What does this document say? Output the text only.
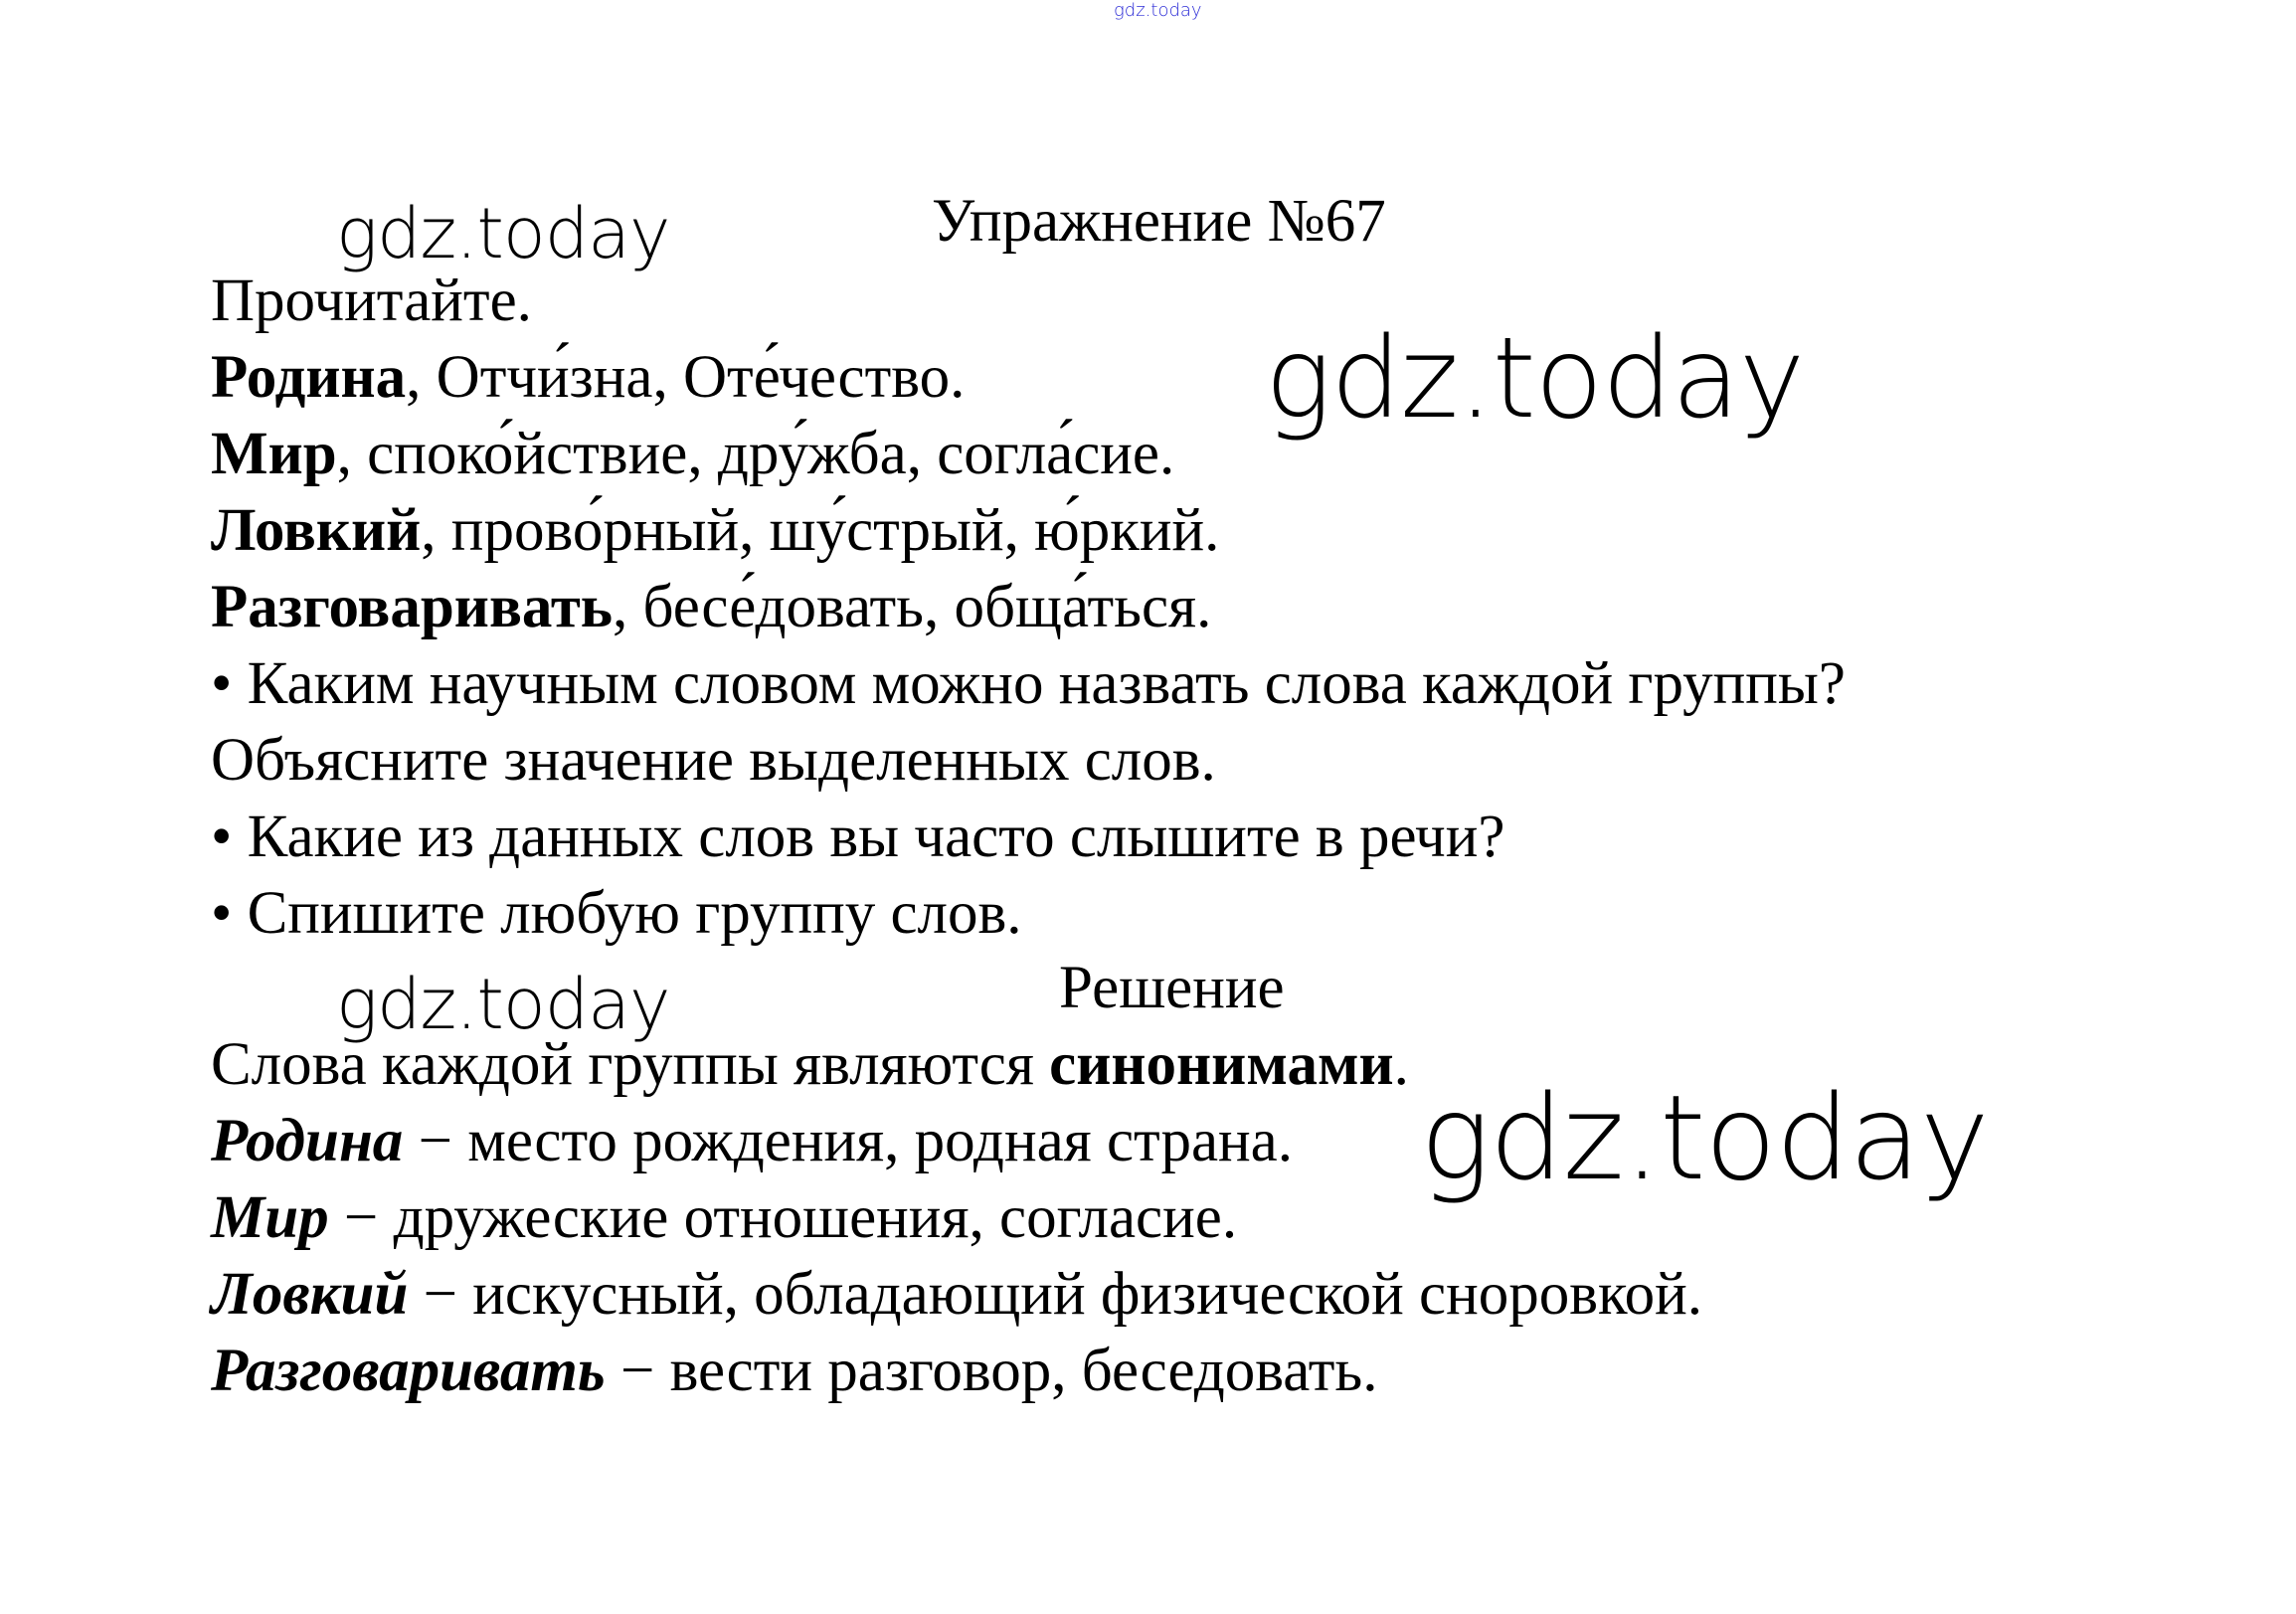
gdz.today
gdz.today
gdz.today
gdz.today
gdz.today
Упражнение №67
Прочитайте.
Родина, Отчи́зна, Оте́чество.
Мир, споко́йствие, дру́жба, согла́сие.
Ловкий, прово́рный, шу́стрый, ю́ркий.
Разговаривать, бесе́довать, обща́ться.
• Каким научным словом можно назвать слова каждой группы?
Объясните значение выделенных слов.
• Какие из данных слов вы часто слышите в речи?
• Спишите любую группу слов.
Решение
Слова каждой группы являются синонимами.
Родина − место рождения, родная страна.
Мир − дружеские отношения, согласие.
Ловкий − искусный, обладающий физической сноровкой.
Разговаривать − вести разговор, беседовать.
